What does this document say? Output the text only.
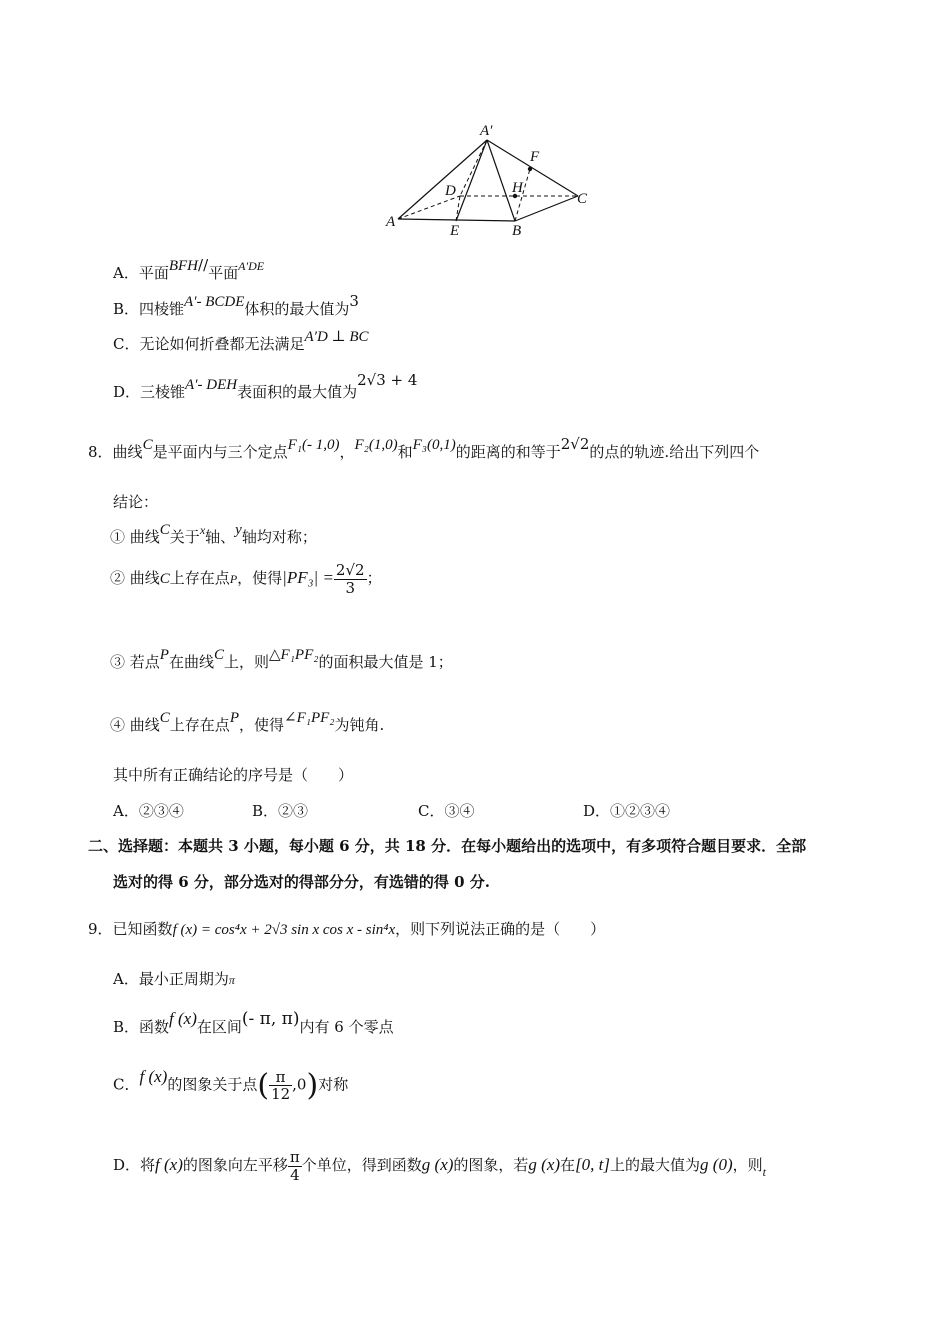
A′
F
D	H
C
A
E	B
A．平面BFH//平面$^{A'DE}$
B．四棱锥A′- BCDE体积的最大值为3
C．无论如何折叠都无法满足A′D ⊥ BC
D．三棱锥A′- DEH表面积的最大值为2√3 + 4
8．曲线C是平面内与三个定点F₁(- 1,0)，F₂(1,0)和F₃(0,1)的距离的和等于2√2的点的轨迹.给出下列四个
结论：
① 曲线C关于$^x$轴、y轴均对称；
② 曲线C上存在点P，使得$|PF_3| = \frac{2√2}{3}$ ；
③ 若点P在曲线C上，则△F₁PF₂的面积最大值是 1；
④ 曲线C上存在点P，使得∠F₁PF₂为钝角.
其中所有正确结论的序号是（　　）
A．②③④	B．②③	C．③④	D．①②③④
二、选择题：本题共 3 小题，每小题 6 分，共 18 分．在每小题给出的选项中，有多项符合题目要求．全部
选对的得 6 分，部分选对的得部分分，有选错的得 0 分.
9．已知函数f (x) = cos⁴x + 2√3 sin x cos x - sin⁴x，则下列说法正确的是（　　）
A．最小正周期为π
B．函数f (x)在区间(- π, π)内有 6 个零点
C．f (x)的图象关于点( $\frac{\pi}{12} ,0$)对称
D．将f (x)的图象向左平移 $\frac{\pi}{4}$ 个单位，得到函数g (x)的图象，若g (x)在[0, t]上的最大值为g (0)，则$_t$
